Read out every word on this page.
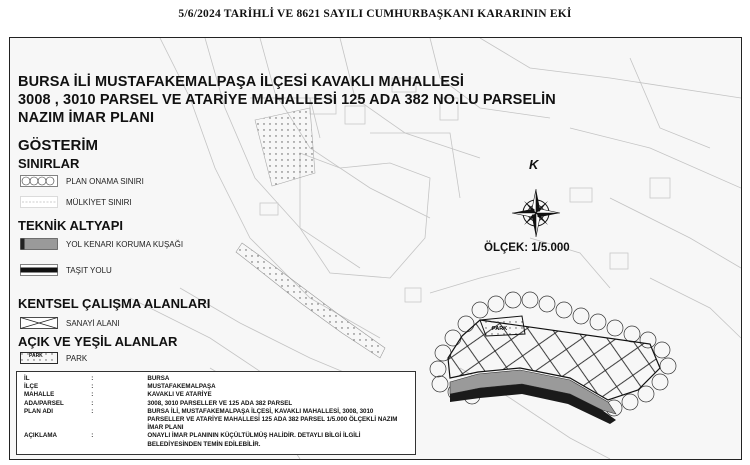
5/6/2024 TARİHLİ VE 8621 SAYILI CUMHURBAŞKANI KARARININ EKİ
PARK
BURSA İLİ MUSTAFAKEMALPAŞA İLÇESİ KAVAKLI MAHALLESİ
3008 , 3010 PARSEL VE ATARİYE MAHALLESİ 125 ADA 382 NO.LU PARSELİN
NAZIM İMAR PLANI
GÖSTERİM
SINIRLAR
PLAN ONAMA SINIRI
MÜLKİYET SINIRI
TEKNİK ALTYAPI
YOL KENARI KORUMA KUŞAĞI
TAŞIT YOLU
KENTSEL ÇALIŞMA ALANLARI
SANAYİ ALANI
AÇIK VE YEŞİL ALANLAR
PARK	PARK
K
ÖLÇEK: 1/5.000
İL	:	BURSA
İLÇE	:	MUSTAFAKEMALPAŞA
MAHALLE	:	KAVAKLI VE ATARİYE
ADA/PARSEL	:	3008, 3010 PARSELLER VE 125 ADA 382 PARSEL
PLAN ADI	:	BURSA İLİ, MUSTAFAKEMALPAŞA İLÇESİ, KAVAKLI MAHALLESİ, 3008, 3010 PARSELLER VE ATARİYE MAHALLESİ 125 ADA 382 PARSEL 1/5.000 ÖLÇEKLİ NAZIM İMAR PLANI
AÇIKLAMA	:	ONAYLI İMAR PLANININ KÜÇÜLTÜLMÜŞ HALİDİR. DETAYLI BİLGİ İLGİLİ BELEDİYESİNDEN TEMİN EDİLEBİLİR.
